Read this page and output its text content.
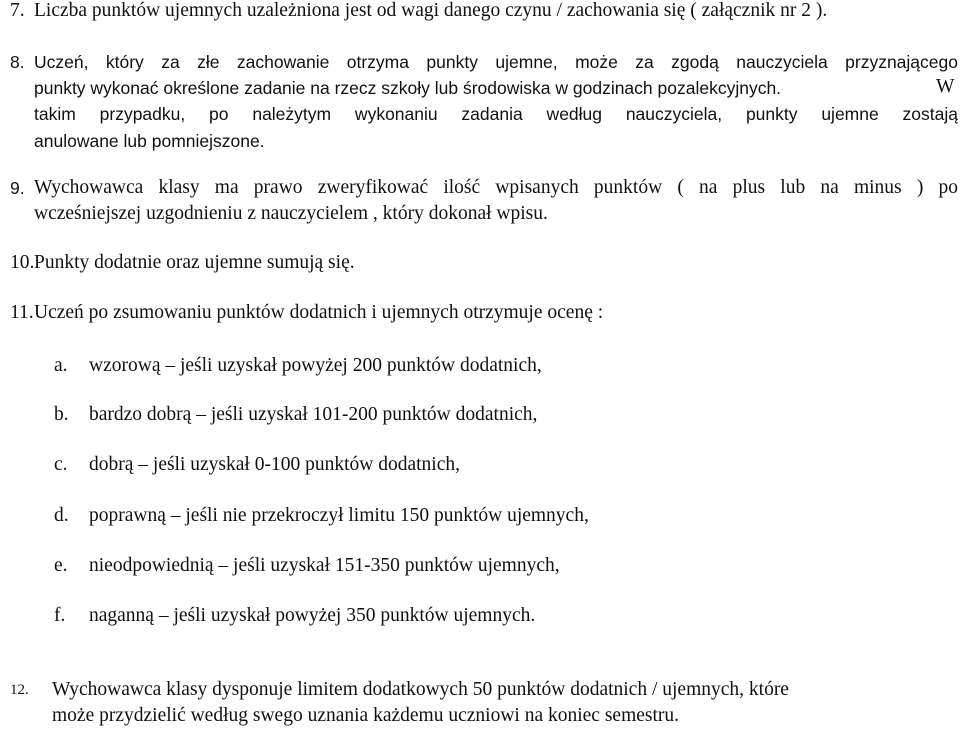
7. Liczba punktów ujemnych uzależniona jest od wagi danego czynu / zachowania się ( załącznik nr 2 ).
8. Uczeń, który za złe zachowanie otrzyma punkty ujemne, może za zgodą nauczyciela przyznającego
punkty wykonać określone zadanie na rzecz szkoły lub środowiska w godzinach pozalekcyjnych.	W
takim przypadku, po należytym wykonaniu zadania według nauczyciela, punkty ujemne zostają
anulowane lub pomniejszone.
9. Wychowawca klasy ma prawo zweryfikować ilość wpisanych punktów ( na plus lub na minus ) po
wcześniejszej uzgodnieniu z nauczycielem , który dokonał wpisu.
10. Punkty dodatnie oraz ujemne sumują się.
11. Uczeń po zsumowaniu punktów dodatnich i ujemnych otrzymuje ocenę :
a. wzorową – jeśli uzyskał powyżej 200 punktów dodatnich,
b. bardzo dobrą – jeśli uzyskał 101-200 punktów dodatnich,
c. dobrą – jeśli uzyskał 0-100 punktów dodatnich,
d. poprawną – jeśli nie przekroczył limitu 150 punktów ujemnych,
e. nieodpowiednią – jeśli uzyskał 151-350 punktów ujemnych,
f. naganną – jeśli uzyskał powyżej 350 punktów ujemnych.
12. Wychowawca klasy dysponuje limitem dodatkowych 50 punktów dodatnich / ujemnych, które
może przydzielić według swego uznania każdemu uczniowi na koniec semestru.
